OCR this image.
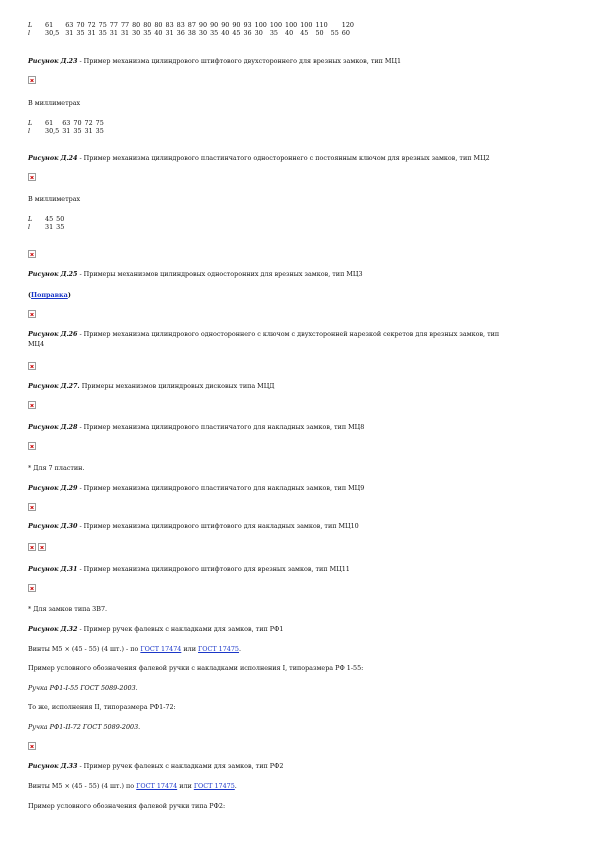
L	61		63	70	72	75	77	77	80	80	80	83	83	87	90	90	90	90	93	100	100	100	100	110		120
l	30,5		31	35	31	35	31	31	30	35	40	31	36	38	30	35	40	45	36	30	35	40	45	50	55	60
Рисунок Д.23 - Пример механизма цилиндрового штифтового двухстороннего для врезных замков, тип МЦ1
В миллиметрах
L	61	63	70	72	75
l	30,5	31	35	31	35
Рисунок Д.24 - Пример механизма цилиндрового пластинчатого одностороннего с постоянным ключом для врезных замков, тип МЦ2
В миллиметрах
L	45	50
l	31	35
Рисунок Д.25 - Примеры механизмов цилиндровых односторонних для врезных замков, тип МЦ3
(Поправка)
Рисунок Д.26 - Пример механизма цилиндрового одностороннего с ключом с двухсторонней нарезкой секретов для врезных замков, тип
МЦ4
Рисунок Д.27. Примеры механизмов цилиндровых дисковых типа МЦД
Рисунок Д.28 - Пример механизма цилиндрового пластинчатого для накладных замков, тип МЦ8
* Для 7 пластин.
Рисунок Д.29 - Пример механизма цилиндрового пластинчатого для накладных замков, тип МЦ9
Рисунок Д.30 - Пример механизма цилиндрового штифтового для накладных замков, тип МЦ10
Рисунок Д.31 - Пример механизма цилиндрового штифтового для врезных замков, тип МЦ11
* Для замков типа 3В7.
Рисунок Д.32 - Пример ручек фалевых с накладками для замков, тип РФ1
Винты М5 × (45 - 55) (4 шт.) - по ГОСТ 17474 или ГОСТ 17475.
Пример условного обозначения фалевой ручки с накладками исполнения I, типоразмера РФ 1-55:
Ручка РФ1-I-55 ГОСТ 5089-2003.
То же, исполнения II, типоразмера РФ1-72:
Ручка РФ1-II-72 ГОСТ 5089-2003.
Рисунок Д.33 - Пример ручек фалевых с накладками для замков, тип РФ2
Винты М5 × (45 - 55) (4 шт.) по ГОСТ 17474 или ГОСТ 17475.
Пример условного обозначения фалевой ручки типа РФ2:
